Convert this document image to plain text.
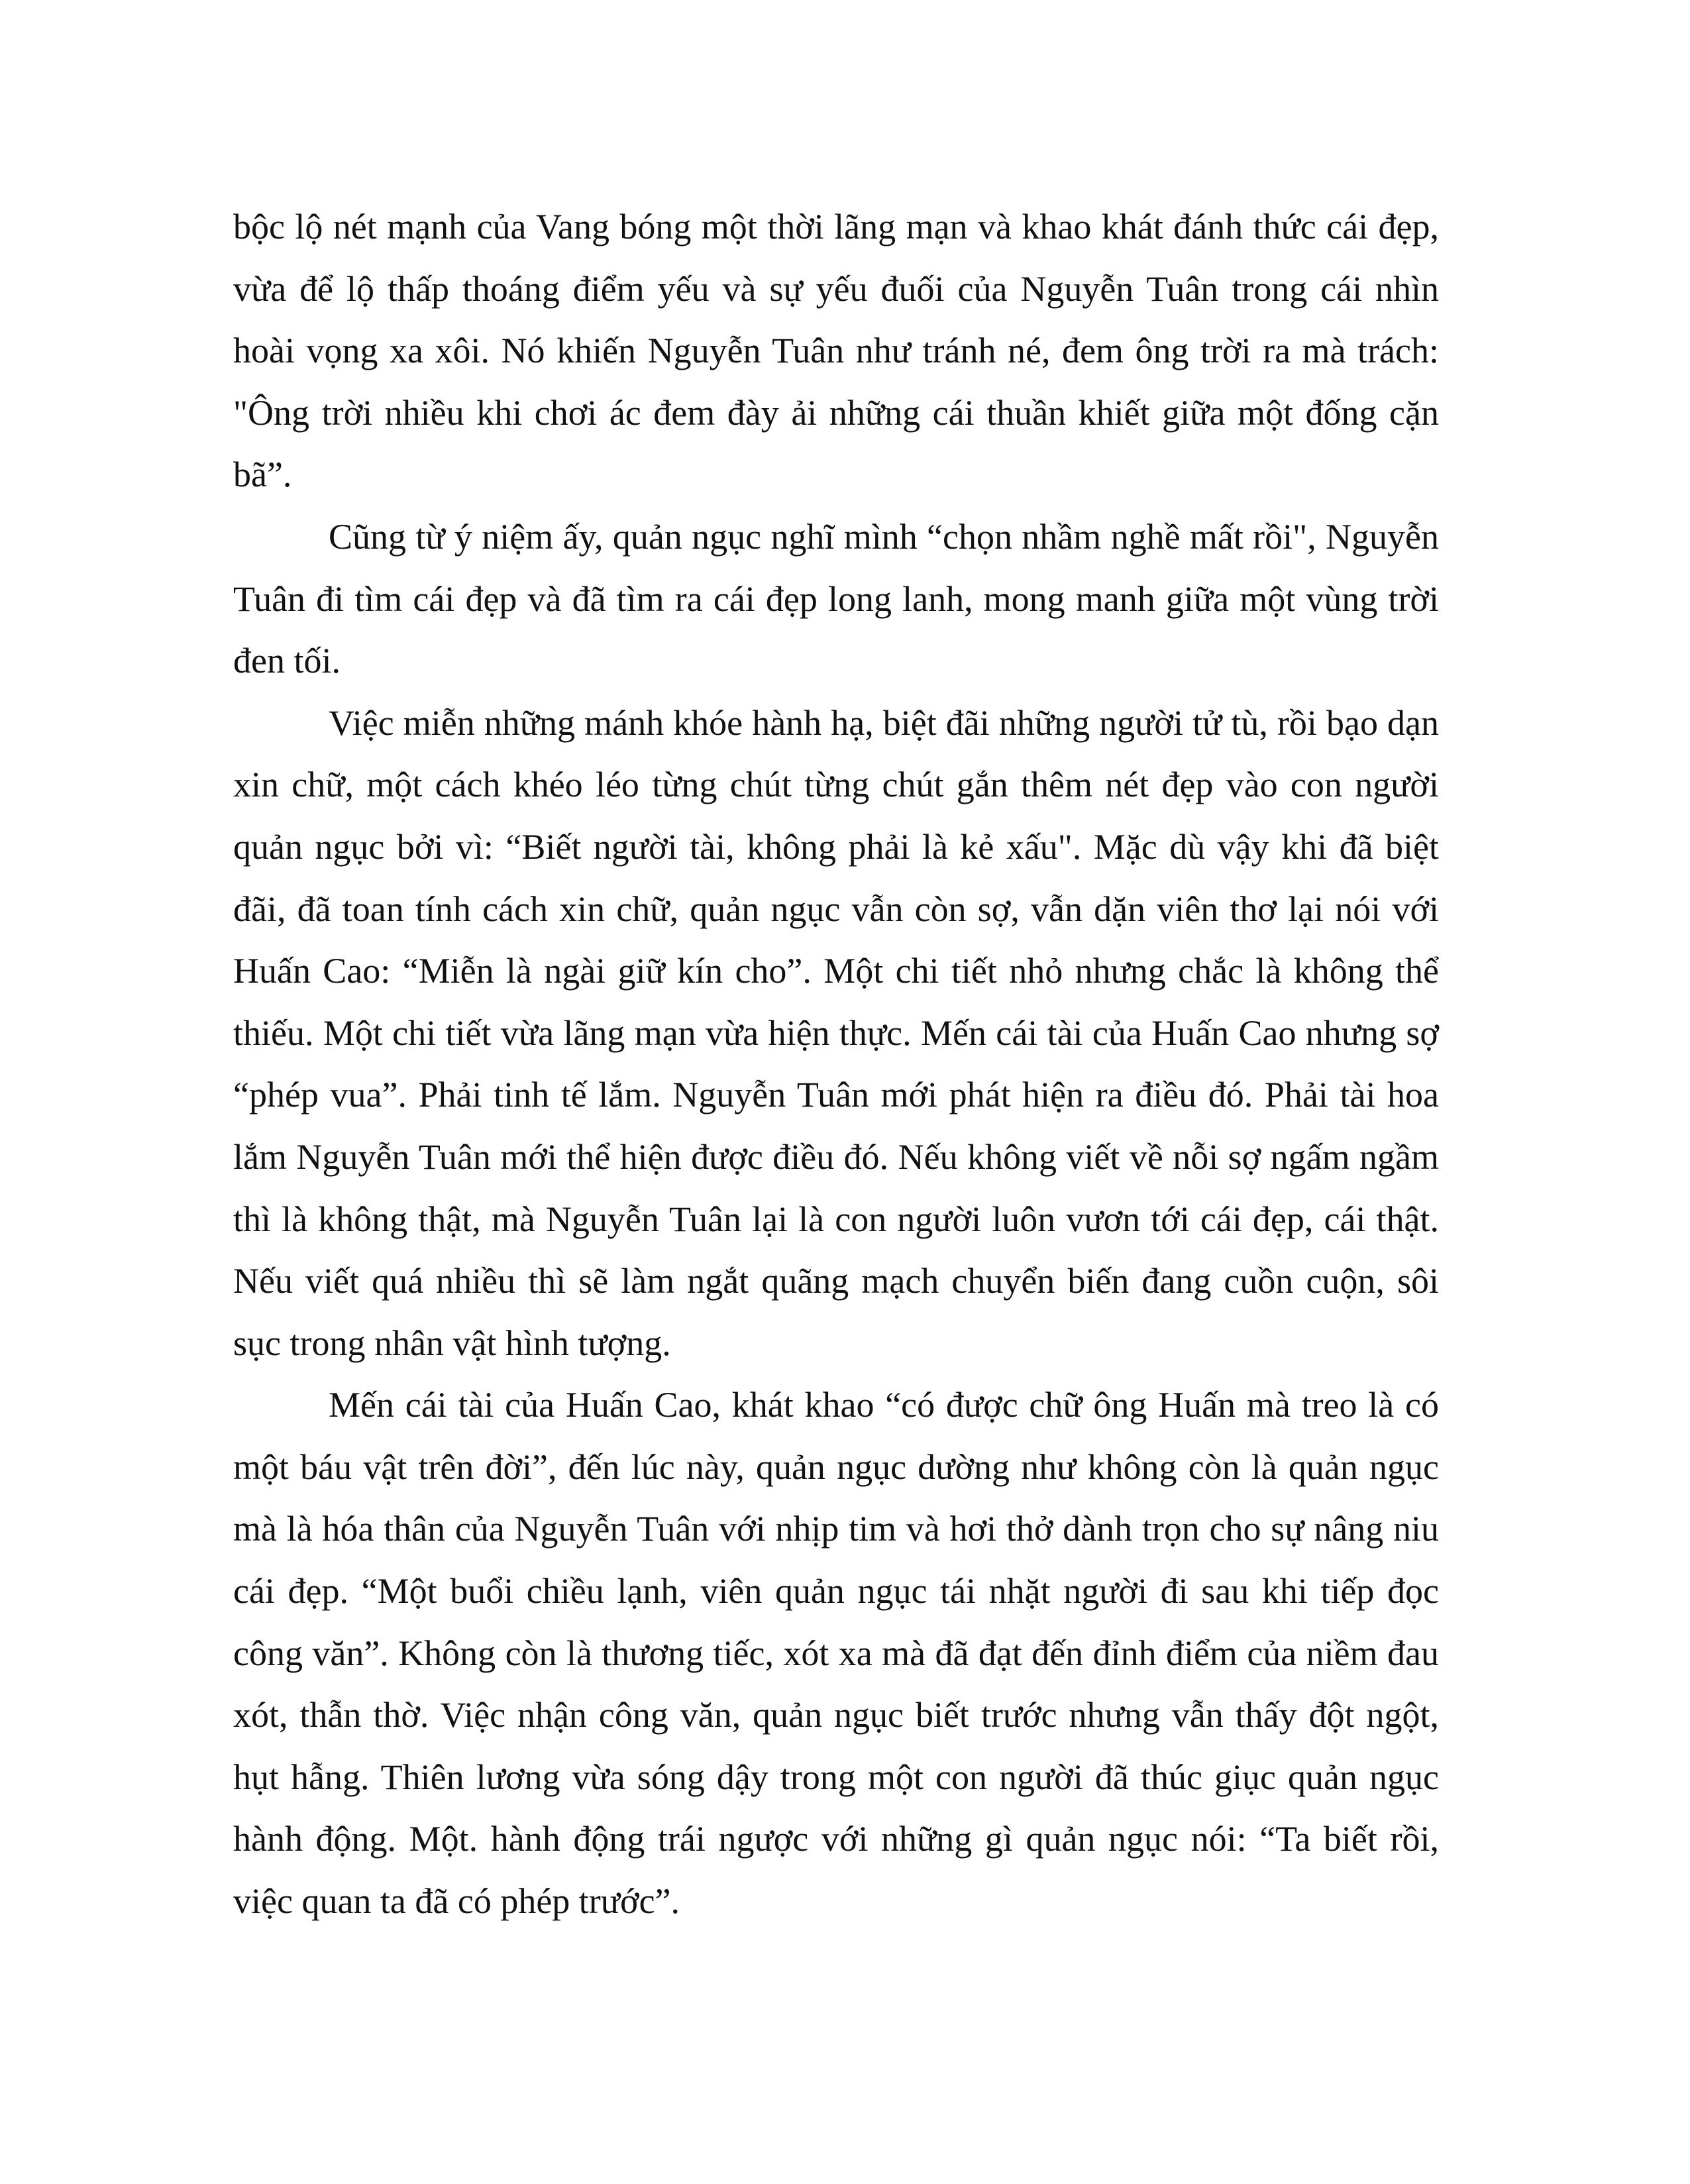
bộc lộ nét mạnh của Vang bóng một thời lãng mạn và khao khát đánh thức cái đẹp, vừa để lộ thấp thoáng điểm yếu và sự yếu đuối của Nguyễn Tuân trong cái nhìn hoài vọng xa xôi. Nó khiến Nguyễn Tuân như tránh né, đem ông trời ra mà trách: "Ông trời nhiều khi chơi ác đem đày ải những cái thuần khiết giữa một đống cặn bã”.

Cũng từ ý niệm ấy, quản ngục nghĩ mình “chọn nhầm nghề mất rồi", Nguyễn Tuân đi tìm cái đẹp và đã tìm ra cái đẹp long lanh, mong manh giữa một vùng trời đen tối.

Việc miễn những mánh khóe hành hạ, biệt đãi những người tử tù, rồi bạo dạn xin chữ, một cách khéo léo từng chút từng chút gắn thêm nét đẹp vào con người quản ngục bởi vì: “Biết người tài, không phải là kẻ xấu". Mặc dù vậy khi đã biệt đãi, đã toan tính cách xin chữ, quản ngục vẫn còn sợ, vẫn dặn viên thơ lại nói với Huấn Cao: “Miễn là ngài giữ kín cho”. Một chi tiết nhỏ nhưng chắc là không thể thiếu. Một chi tiết vừa lãng mạn vừa hiện thực. Mến cái tài của Huấn Cao nhưng sợ “phép vua”. Phải tinh tế lắm. Nguyễn Tuân mới phát hiện ra điều đó. Phải tài hoa lắm Nguyễn Tuân mới thể hiện được điều đó. Nếu không viết về nỗi sợ ngấm ngầm thì là không thật, mà Nguyễn Tuân lại là con người luôn vươn tới cái đẹp, cái thật. Nếu viết quá nhiều thì sẽ làm ngắt quãng mạch chuyển biến đang cuồn cuộn, sôi sục trong nhân vật hình tượng.

Mến cái tài của Huấn Cao, khát khao “có được chữ ông Huấn mà treo là có một báu vật trên đời”, đến lúc này, quản ngục dường như không còn là quản ngục mà là hóa thân của Nguyễn Tuân với nhịp tim và hơi thở dành trọn cho sự nâng niu cái đẹp. “Một buổi chiều lạnh, viên quản ngục tái nhặt người đi sau khi tiếp đọc công văn”. Không còn là thương tiếc, xót xa mà đã đạt đến đỉnh điểm của niềm đau xót, thẫn thờ. Việc nhận công văn, quản ngục biết trước nhưng vẫn thấy đột ngột, hụt hẫng. Thiên lương vừa sóng dậy trong một con người đã thúc giục quản ngục hành động. Một. hành động trái ngược với những gì quản ngục nói: “Ta biết rồi, việc quan ta đã có phép trước”.
